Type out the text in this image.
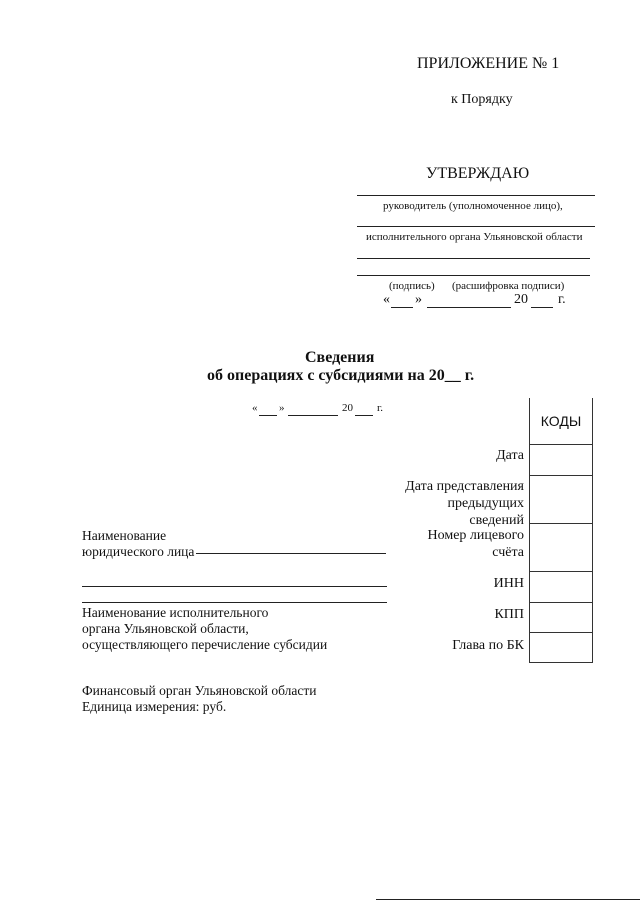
ПРИЛОЖЕНИЕ № 1
к Порядку
УТВЕРЖДАЮ
руководитель (уполномоченное лицо),
исполнительного органа Ульяновской области
(подпись) (расшифровка подписи)
« »	20 г.
Сведения
об операциях с субсидиями на 20__ г.
« »	20 г.
КОДЫ
Дата
Дата представления предыдущих сведений
Номер лицевого счёта
ИНН
КПП
Глава по БК
Наименование
юридического лица
Наименование исполнительного
органа Ульяновской области,
осуществляющего перечисление субсидии
Финансовый орган Ульяновской области
Единица измерения: руб.
